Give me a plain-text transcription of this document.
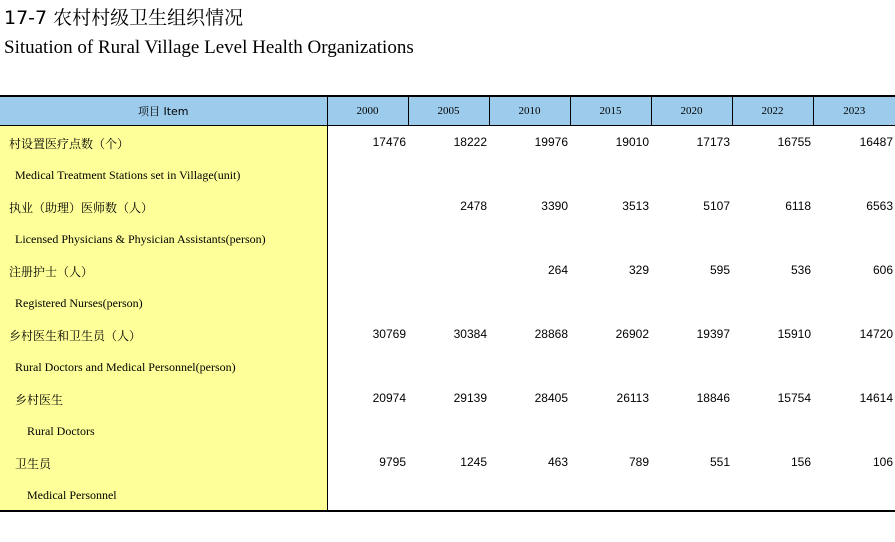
17-7 农村村级卫生组织情况
Situation of Rural Village Level Health Organizations
项目 Item	2000	2005	2010	2015	2020	2022	2023
村设置医疗点数（个）	17476	18222	19976	19010	17173	16755	16487
Medical Treatment Stations set in Village(unit)							
执业（助理）医师数（人）		2478	3390	3513	5107	6118	6563
Licensed Physicians & Physician Assistants(person)							
注册护士（人）			264	329	595	536	606
Registered Nurses(person)							
乡村医生和卫生员（人）	30769	30384	28868	26902	19397	15910	14720
Rural Doctors and Medical Personnel(person)							
乡村医生	20974	29139	28405	26113	18846	15754	14614
Rural Doctors							
卫生员	9795	1245	463	789	551	156	106
Medical Personnel							
